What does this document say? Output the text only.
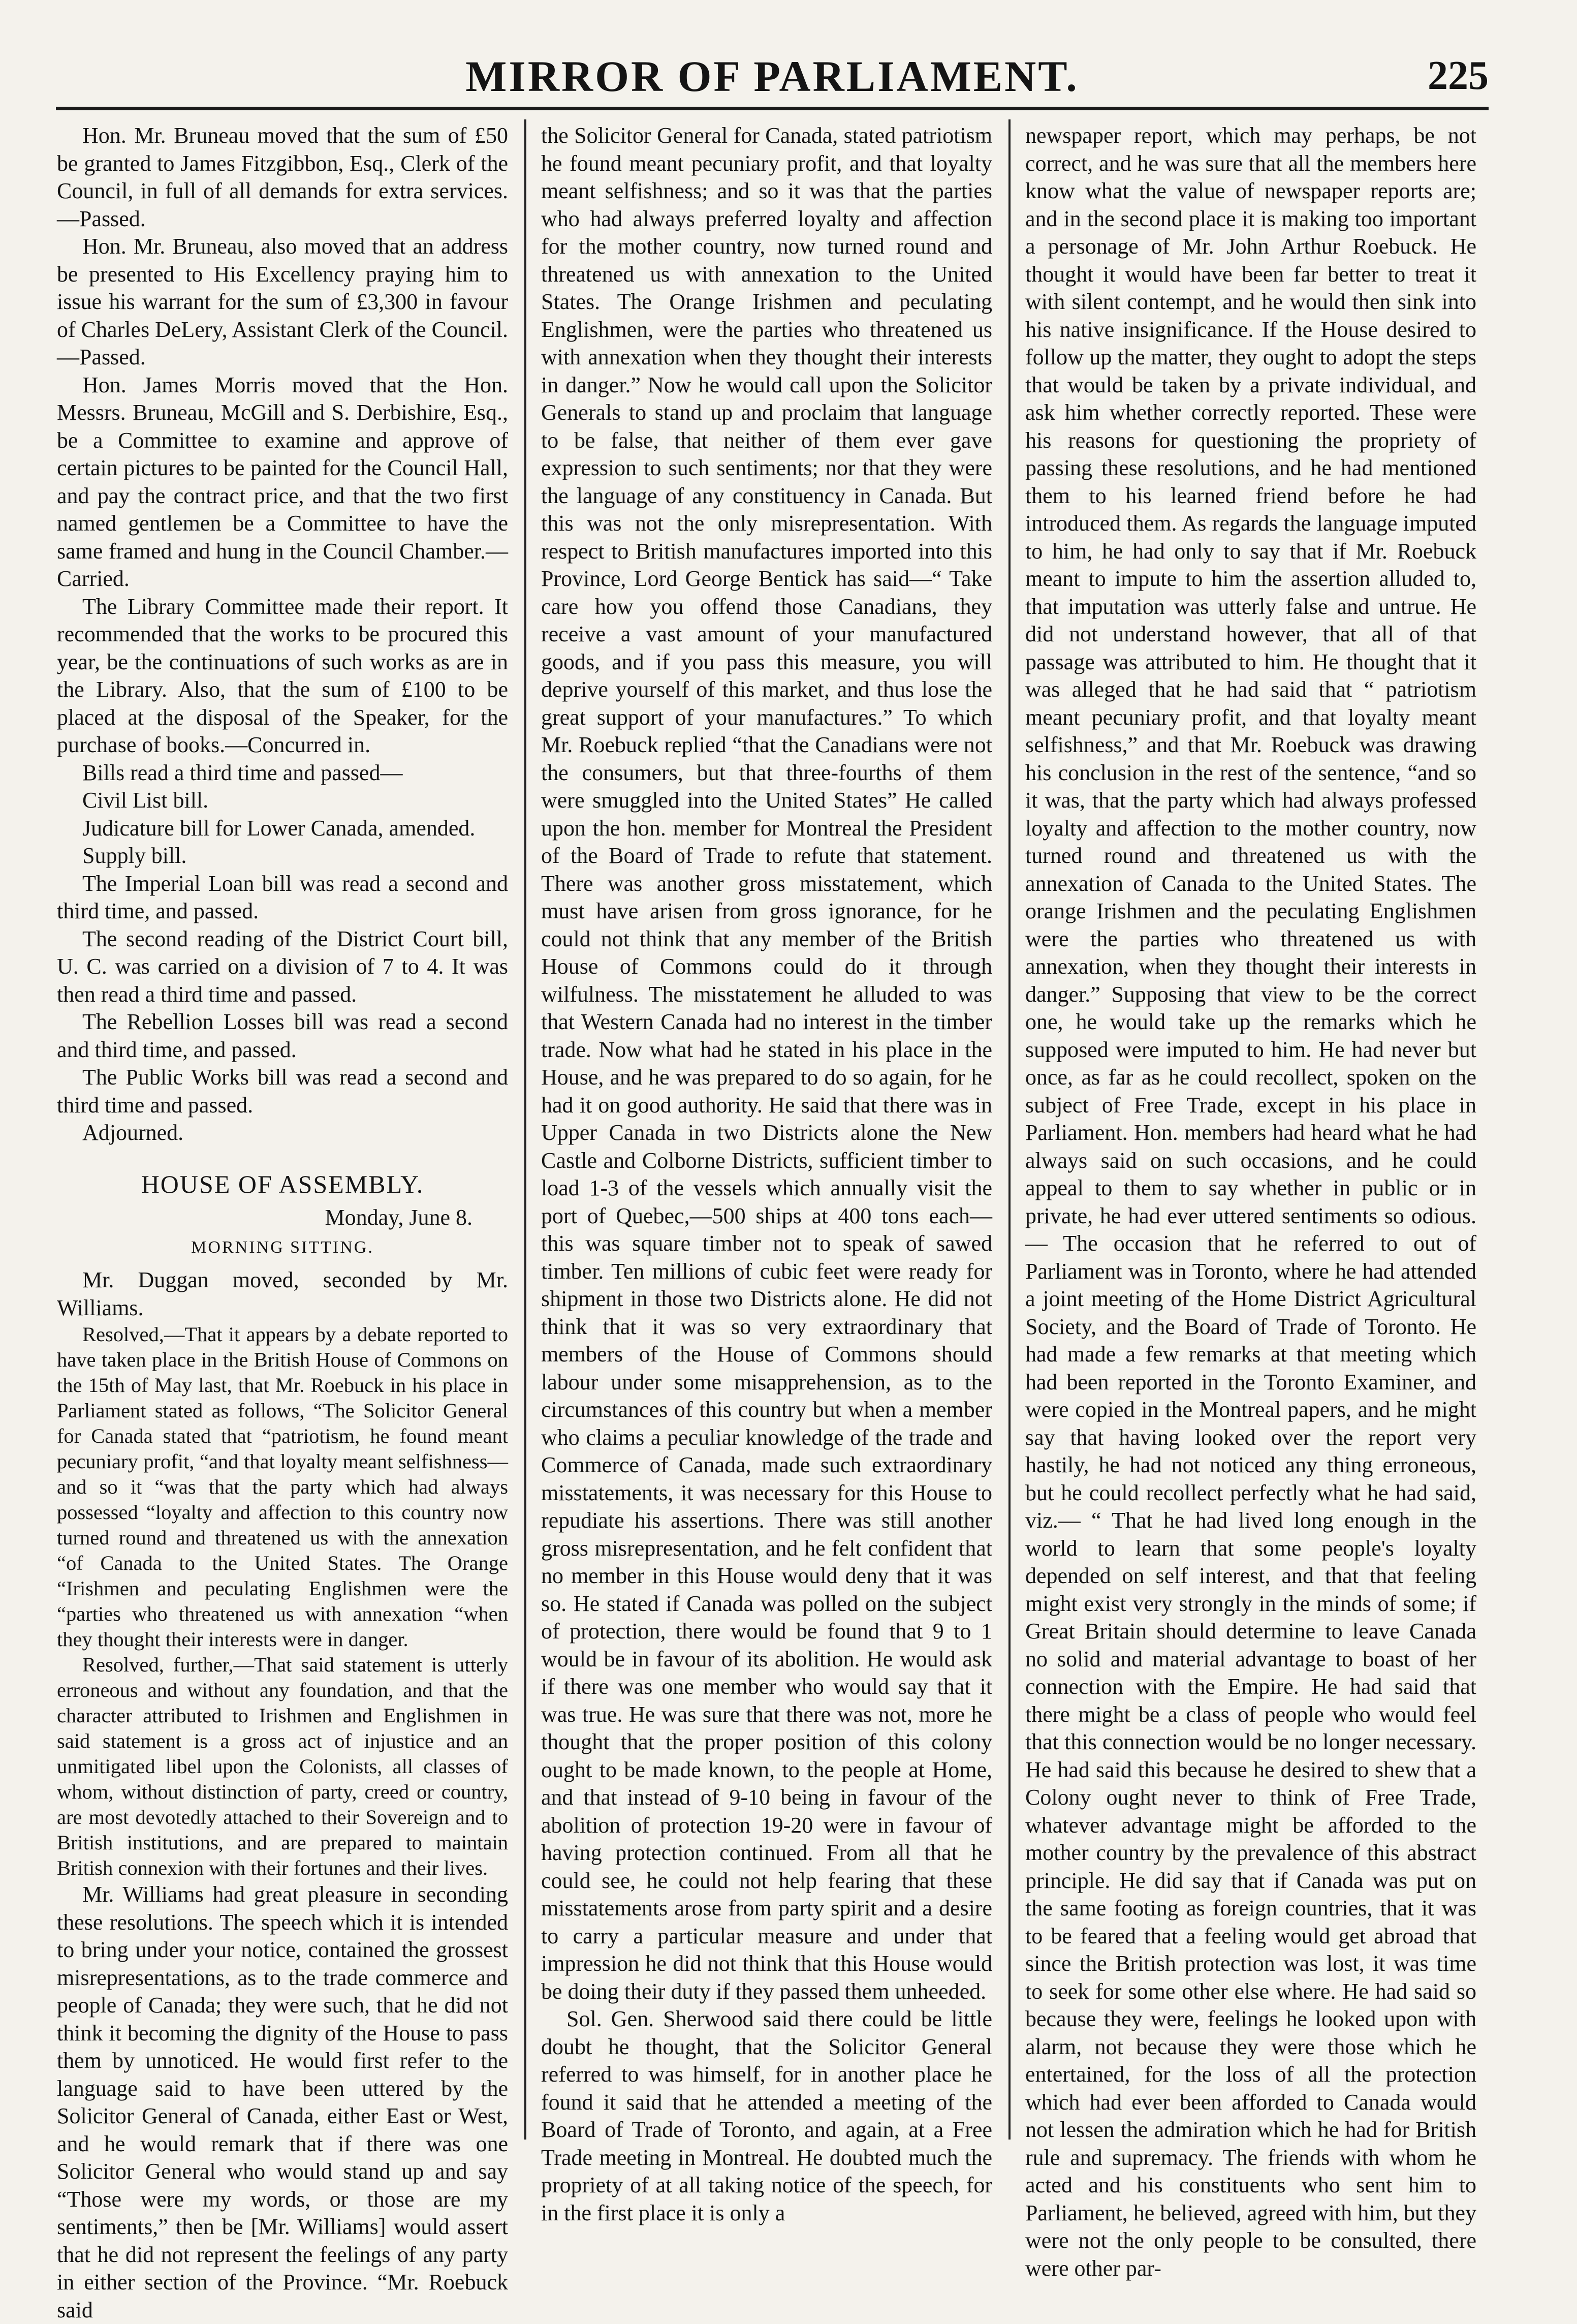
MIRROR OF PARLIAMENT.	225

Hon. Mr. Bruneau moved that the sum of £50 be granted to James Fitzgibbon, Esq., Clerk of the Council, in full of all demands for extra services.—Passed.

Hon. Mr. Bruneau, also moved that an address be presented to His Excellency praying him to issue his warrant for the sum of £3,300 in favour of Charles DeLery, Assistant Clerk of the Council.—Passed.

Hon. James Morris moved that the Hon. Messrs. Bruneau, McGill and S. Derbishire, Esq., be a Committee to examine and approve of certain pictures to be painted for the Council Hall, and pay the contract price, and that the two first named gentlemen be a Committee to have the same framed and hung in the Council Chamber.—Carried.

The Library Committee made their report. It recommended that the works to be procured this year, be the continuations of such works as are in the Library. Also, that the sum of £100 to be placed at the disposal of the Speaker, for the purchase of books.—Concurred in.

Bills read a third time and passed—

Civil List bill.

Judicature bill for Lower Canada, amended.

Supply bill.

The Imperial Loan bill was read a second and third time, and passed.

The second reading of the District Court bill, U. C. was carried on a division of 7 to 4. It was then read a third time and passed.

The Rebellion Losses bill was read a second and third time, and passed.

The Public Works bill was read a second and third time and passed.

Adjourned.

HOUSE OF ASSEMBLY.
Monday, June 8.
MORNING SITTING.

Mr. Duggan moved, seconded by Mr. Williams.

Resolved,—That it appears by a debate reported to have taken place in the British House of Commons on the 15th of May last, that Mr. Roebuck in his place in Parliament stated as follows, “The Solicitor General for Canada stated that “patriotism, he found meant pecuniary profit, “and that loyalty meant selfishness—and so it “was that the party which had always possessed “loyalty and affection to this country now turned round and threatened us with the annexation “of Canada to the United States. The Orange “Irishmen and peculating Englishmen were the “parties who threatened us with annexation “when they thought their interests were in danger.

Resolved, further,—That said statement is utterly erroneous and without any foundation, and that the character attributed to Irishmen and Englishmen in said statement is a gross act of injustice and an unmitigated libel upon the Colonists, all classes of whom, without distinction of party, creed or country, are most devotedly attached to their Sovereign and to British institutions, and are prepared to maintain British connexion with their fortunes and their lives.

Mr. Williams had great pleasure in seconding these resolutions. The speech which it is intended to bring under your notice, contained the grossest misrepresentations, as to the trade commerce and people of Canada; they were such, that he did not think it becoming the dignity of the House to pass them by unnoticed. He would first refer to the language said to have been uttered by the Solicitor General of Canada, either East or West, and he would remark that if there was one Solicitor General who would stand up and say “Those were my words, or those are my sentiments,” then be [Mr. Williams] would assert that he did not represent the feelings of any party in either section of the Province. “Mr. Roebuck said

the Solicitor General for Canada, stated patriotism he found meant pecuniary profit, and that loyalty meant selfishness; and so it was that the parties who had always preferred loyalty and affection for the mother country, now turned round and threatened us with annexation to the United States. The Orange Irishmen and peculating Englishmen, were the parties who threatened us with annexation when they thought their interests in danger.” Now he would call upon the Solicitor Generals to stand up and proclaim that language to be false, that neither of them ever gave expression to such sentiments; nor that they were the language of any constituency in Canada. But this was not the only misrepresentation. With respect to British manufactures imported into this Province, Lord George Bentick has said—“ Take care how you offend those Canadians, they receive a vast amount of your manufactured goods, and if you pass this measure, you will deprive yourself of this market, and thus lose the great support of your manufactures.” To which Mr. Roebuck replied “that the Canadians were not the consumers, but that three-fourths of them were smuggled into the United States” He called upon the hon. member for Montreal the President of the Board of Trade to refute that statement. There was another gross misstatement, which must have arisen from gross ignorance, for he could not think that any member of the British House of Commons could do it through wilfulness. The misstatement he alluded to was that Western Canada had no interest in the timber trade. Now what had he stated in his place in the House, and he was prepared to do so again, for he had it on good authority. He said that there was in Upper Canada in two Districts alone the New Castle and Colborne Districts, sufficient timber to load 1-3 of the vessels which annually visit the port of Quebec,—500 ships at 400 tons each—this was square timber not to speak of sawed timber. Ten millions of cubic feet were ready for shipment in those two Districts alone. He did not think that it was so very extraordinary that members of the House of Commons should labour under some misapprehension, as to the circumstances of this country but when a member who claims a peculiar knowledge of the trade and Commerce of Canada, made such extraordinary misstatements, it was necessary for this House to repudiate his assertions. There was still another gross misrepresentation, and he felt confident that no member in this House would deny that it was so. He stated if Canada was polled on the subject of protection, there would be found that 9 to 1 would be in favour of its abolition. He would ask if there was one member who would say that it was true. He was sure that there was not, more he thought that the proper position of this colony ought to be made known, to the people at Home, and that instead of 9-10 being in favour of the abolition of protection 19-20 were in favour of having protection continued. From all that he could see, he could not help fearing that these misstatements arose from party spirit and a desire to carry a particular measure and under that impression he did not think that this House would be doing their duty if they passed them unheeded.

Sol. Gen. Sherwood said there could be little doubt he thought, that the Solicitor General referred to was himself, for in another place he found it said that he attended a meeting of the Board of Trade of Toronto, and again, at a Free Trade meeting in Montreal. He doubted much the propriety of at all taking notice of the speech, for in the first place it is only a

newspaper report, which may perhaps, be not correct, and he was sure that all the members here know what the value of newspaper reports are; and in the second place it is making too important a personage of Mr. John Arthur Roebuck. He thought it would have been far better to treat it with silent contempt, and he would then sink into his native insignificance. If the House desired to follow up the matter, they ought to adopt the steps that would be taken by a private individual, and ask him whether correctly reported. These were his reasons for questioning the propriety of passing these resolutions, and he had mentioned them to his learned friend before he had introduced them. As regards the language imputed to him, he had only to say that if Mr. Roebuck meant to impute to him the assertion alluded to, that imputation was utterly false and untrue. He did not understand however, that all of that passage was attributed to him. He thought that it was alleged that he had said that “ patriotism meant pecuniary profit, and that loyalty meant selfishness,” and that Mr. Roebuck was drawing his conclusion in the rest of the sentence, “and so it was, that the party which had always professed loyalty and affection to the mother country, now turned round and threatened us with the annexation of Canada to the United States. The orange Irishmen and the peculating Englishmen were the parties who threatened us with annexation, when they thought their interests in danger.” Supposing that view to be the correct one, he would take up the remarks which he supposed were imputed to him. He had never but once, as far as he could recollect, spoken on the subject of Free Trade, except in his place in Parliament. Hon. members had heard what he had always said on such occasions, and he could appeal to them to say whether in public or in private, he had ever uttered sentiments so odious.— The occasion that he referred to out of Parliament was in Toronto, where he had attended a joint meeting of the Home District Agricultural Society, and the Board of Trade of Toronto. He had made a few remarks at that meeting which had been reported in the Toronto Examiner, and were copied in the Montreal papers, and he might say that having looked over the report very hastily, he had not noticed any thing erroneous, but he could recollect perfectly what he had said, viz.— “ That he had lived long enough in the world to learn that some people's loyalty depended on self interest, and that that feeling might exist very strongly in the minds of some; if Great Britain should determine to leave Canada no solid and material advantage to boast of her connection with the Empire. He had said that there might be a class of people who would feel that this connection would be no longer necessary. He had said this because he desired to shew that a Colony ought never to think of Free Trade, whatever advantage might be afforded to the mother country by the prevalence of this abstract principle. He did say that if Canada was put on the same footing as foreign countries, that it was to be feared that a feeling would get abroad that since the British protection was lost, it was time to seek for some other else where. He had said so because they were, feelings he looked upon with alarm, not because they were those which he entertained, for the loss of all the protection which had ever been afforded to Canada would not lessen the admiration which he had for British rule and supremacy. The friends with whom he acted and his constituents who sent him to Parliament, he believed, agreed with him, but they were not the only people to be consulted, there were other par-
